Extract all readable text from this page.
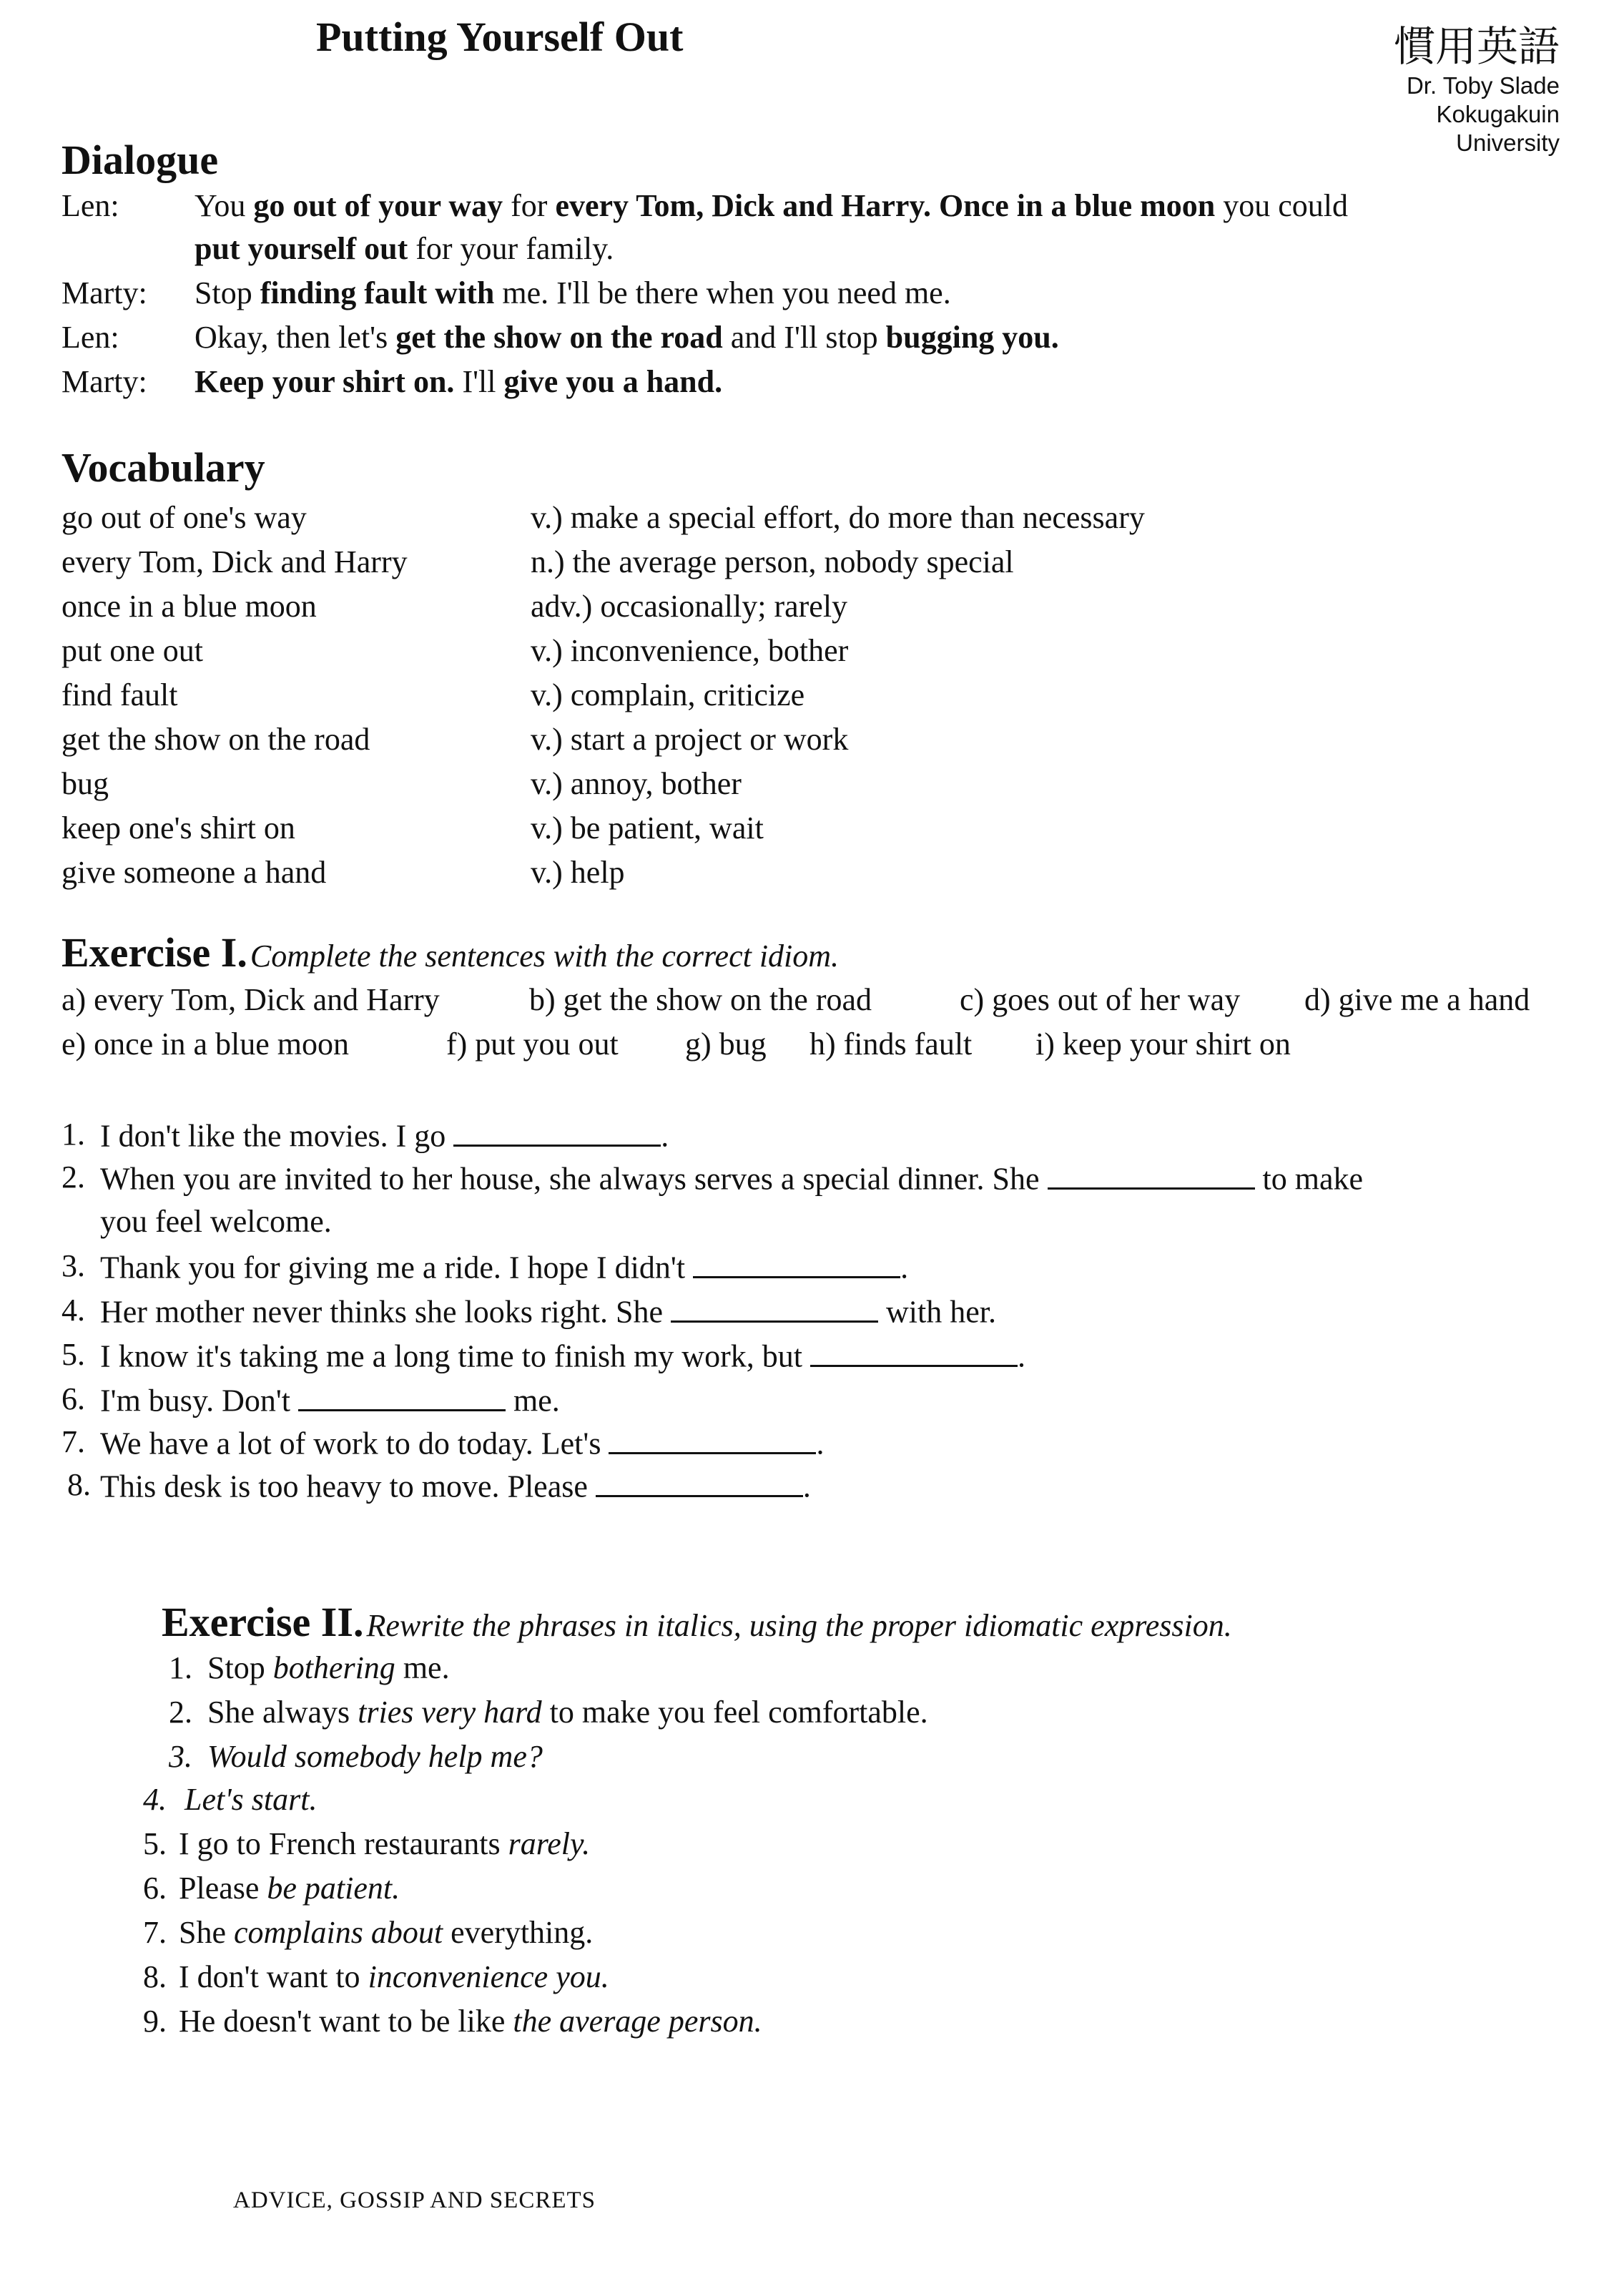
Putting Yourself Out	慣用英語
Dr. Toby Slade
Kokugakuin
University
Dialogue
Len: You go out of your way for every Tom, Dick and Harry. Once in a blue moon you could
put yourself out for your family.
Marty: Stop finding fault with me. I'll be there when you need me.
Len: Okay, then let's get the show on the road and I'll stop bugging you.
Marty: Keep your shirt on. I'll give you a hand.
Vocabulary
go out of one's way	v.) make a special effort, do more than necessary
every Tom, Dick and Harry	n.) the average person, nobody special
once in a blue moon	adv.) occasionally; rarely
put one out	v.) inconvenience, bother
find fault	v.) complain, criticize
get the show on the road	v.) start a project or work
bug	v.) annoy, bother
keep one's shirt on	v.) be patient, wait
give someone a hand	v.) help
Exercise I. Complete the sentences with the correct idiom.
a) every Tom, Dick and Harry	b) get the show on the road	c) goes out of her way d) give me a hand
e) once in a blue moon	f) put you out g) bug h) finds fault i) keep your shirt on
1. I don't like the movies. I go	.
2. When you are invited to her house, she always serves a special dinner. She	to make
you feel welcome.
3. Thank you for giving me a ride. I hope I didn't	.
4. Her mother never thinks she looks right. She	with her.
5. I know it's taking me a long time to finish my work, but	.
6. I'm busy. Don't	me.
7. We have a lot of work to do today. Let's	.
8. This desk is too heavy to move. Please	.
Exercise II. Rewrite the phrases in italics, using the proper idiomatic expression.
1. Stop bothering me.
2. She always tries very hard to make you feel comfortable.
3. Would somebody help me?
4. Let's start.
5. I go to French restaurants rarely.
6. Please be patient.
7. She complains about everything.
8. I don't want to inconvenience you.
9. He doesn't want to be like the average person.
ADVICE, GOSSIP AND SECRETS
